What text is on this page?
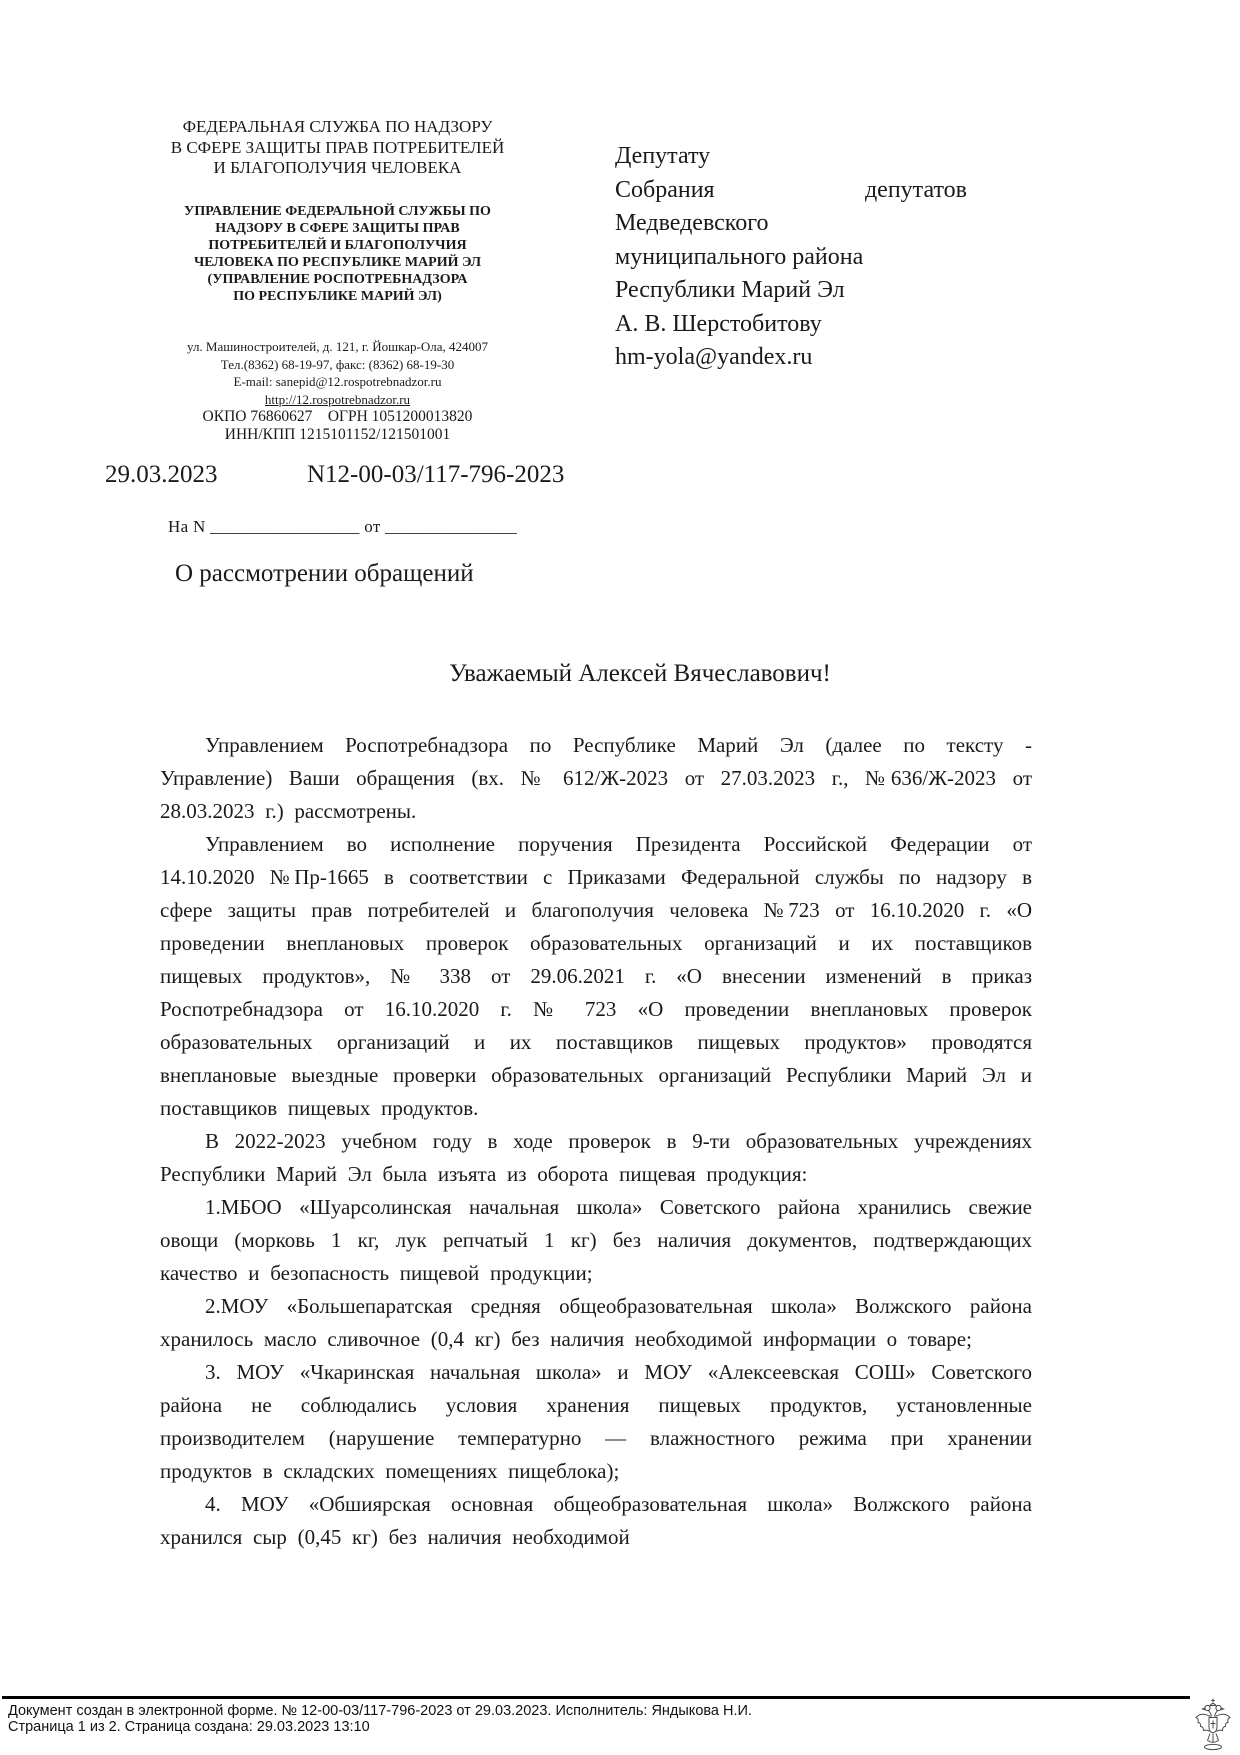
ФЕДЕРАЛЬНАЯ СЛУЖБА ПО НАДЗОРУ
В СФЕРЕ ЗАЩИТЫ ПРАВ ПОТРЕБИТЕЛЕЙ
И БЛАГОПОЛУЧИЯ ЧЕЛОВЕКА
УПРАВЛЕНИЕ ФЕДЕРАЛЬНОЙ СЛУЖБЫ ПО
НАДЗОРУ В СФЕРЕ ЗАЩИТЫ ПРАВ
ПОТРЕБИТЕЛЕЙ И БЛАГОПОЛУЧИЯ
ЧЕЛОВЕКА ПО РЕСПУБЛИКЕ МАРИЙ ЭЛ
(УПРАВЛЕНИЕ РОСПОТРЕБНАДЗОРА
ПО РЕСПУБЛИКЕ МАРИЙ ЭЛ)
ул. Машиностроителей, д. 121, г. Йошкар-Ола, 424007
Тел.(8362) 68-19-97, факс: (8362) 68-19-30
E-mail: sanepid@12.rospotrebnadzor.ru
http://12.rospotrebnadzor.ru
ОКПО 76860627    ОГРН 1051200013820
ИНН/КПП 1215101152/121501001
Депутату
Собрания депутатов Медведевского
муниципального района
Республики Марий Эл
А. В. Шерстобитову
hm-yola@yandex.ru
29.03.2023	N12-00-03/117-796-2023
На N _________________ от _______________
О рассмотрении обращений
Уважаемый Алексей Вячеславович!

Управлением Роспотребнадзора по Республике Марий Эл (далее по тексту - Управление) Ваши обращения (вх. № 612/Ж-2023 от 27.03.2023 г., №636/Ж-2023 от 28.03.2023 г.) рассмотрены.

Управлением во исполнение поручения Президента Российской Федерации от 14.10.2020 №Пр-1665 в соответствии с Приказами Федеральной службы по надзору в сфере защиты прав потребителей и благополучия человека №723 от 16.10.2020 г. «О проведении внеплановых проверок образовательных организаций и их поставщиков пищевых продуктов», № 338 от 29.06.2021 г. «О внесении изменений в приказ Роспотребнадзора от 16.10.2020 г. № 723 «О проведении внеплановых проверок образовательных организаций и их поставщиков пищевых продуктов» проводятся внеплановые выездные проверки образовательных организаций Республики Марий Эл и поставщиков пищевых продуктов.

В 2022-2023 учебном году в ходе проверок в 9-ти образовательных учреждениях Республики Марий Эл была изъята из оборота пищевая продукция:

1.МБОО «Шуарсолинская начальная школа» Советского района хранились свежие овощи (морковь 1 кг, лук репчатый 1 кг) без наличия документов, подтверждающих качество и безопасность пищевой продукции;

2.МОУ «Большепаратская средняя общеобразовательная школа» Волжского района хранилось масло сливочное (0,4 кг) без наличия необходимой информации о товаре;

3. МОУ «Чкаринская начальная школа» и МОУ «Алексеевская СОШ» Советского района не соблюдались условия хранения пищевых продуктов, установленные производителем (нарушение температурно — влажностного режима при хранении продуктов в складских помещениях пищеблока);

4. МОУ «Обшиярская основная общеобразовательная школа» Волжского района хранился сыр (0,45 кг) без наличия необходимой

Документ создан в электронной форме. № 12-00-03/117-796-2023 от 29.03.2023. Исполнитель: Яндыкова Н.И.
Страница 1 из 2. Страница создана: 29.03.2023 13:10
